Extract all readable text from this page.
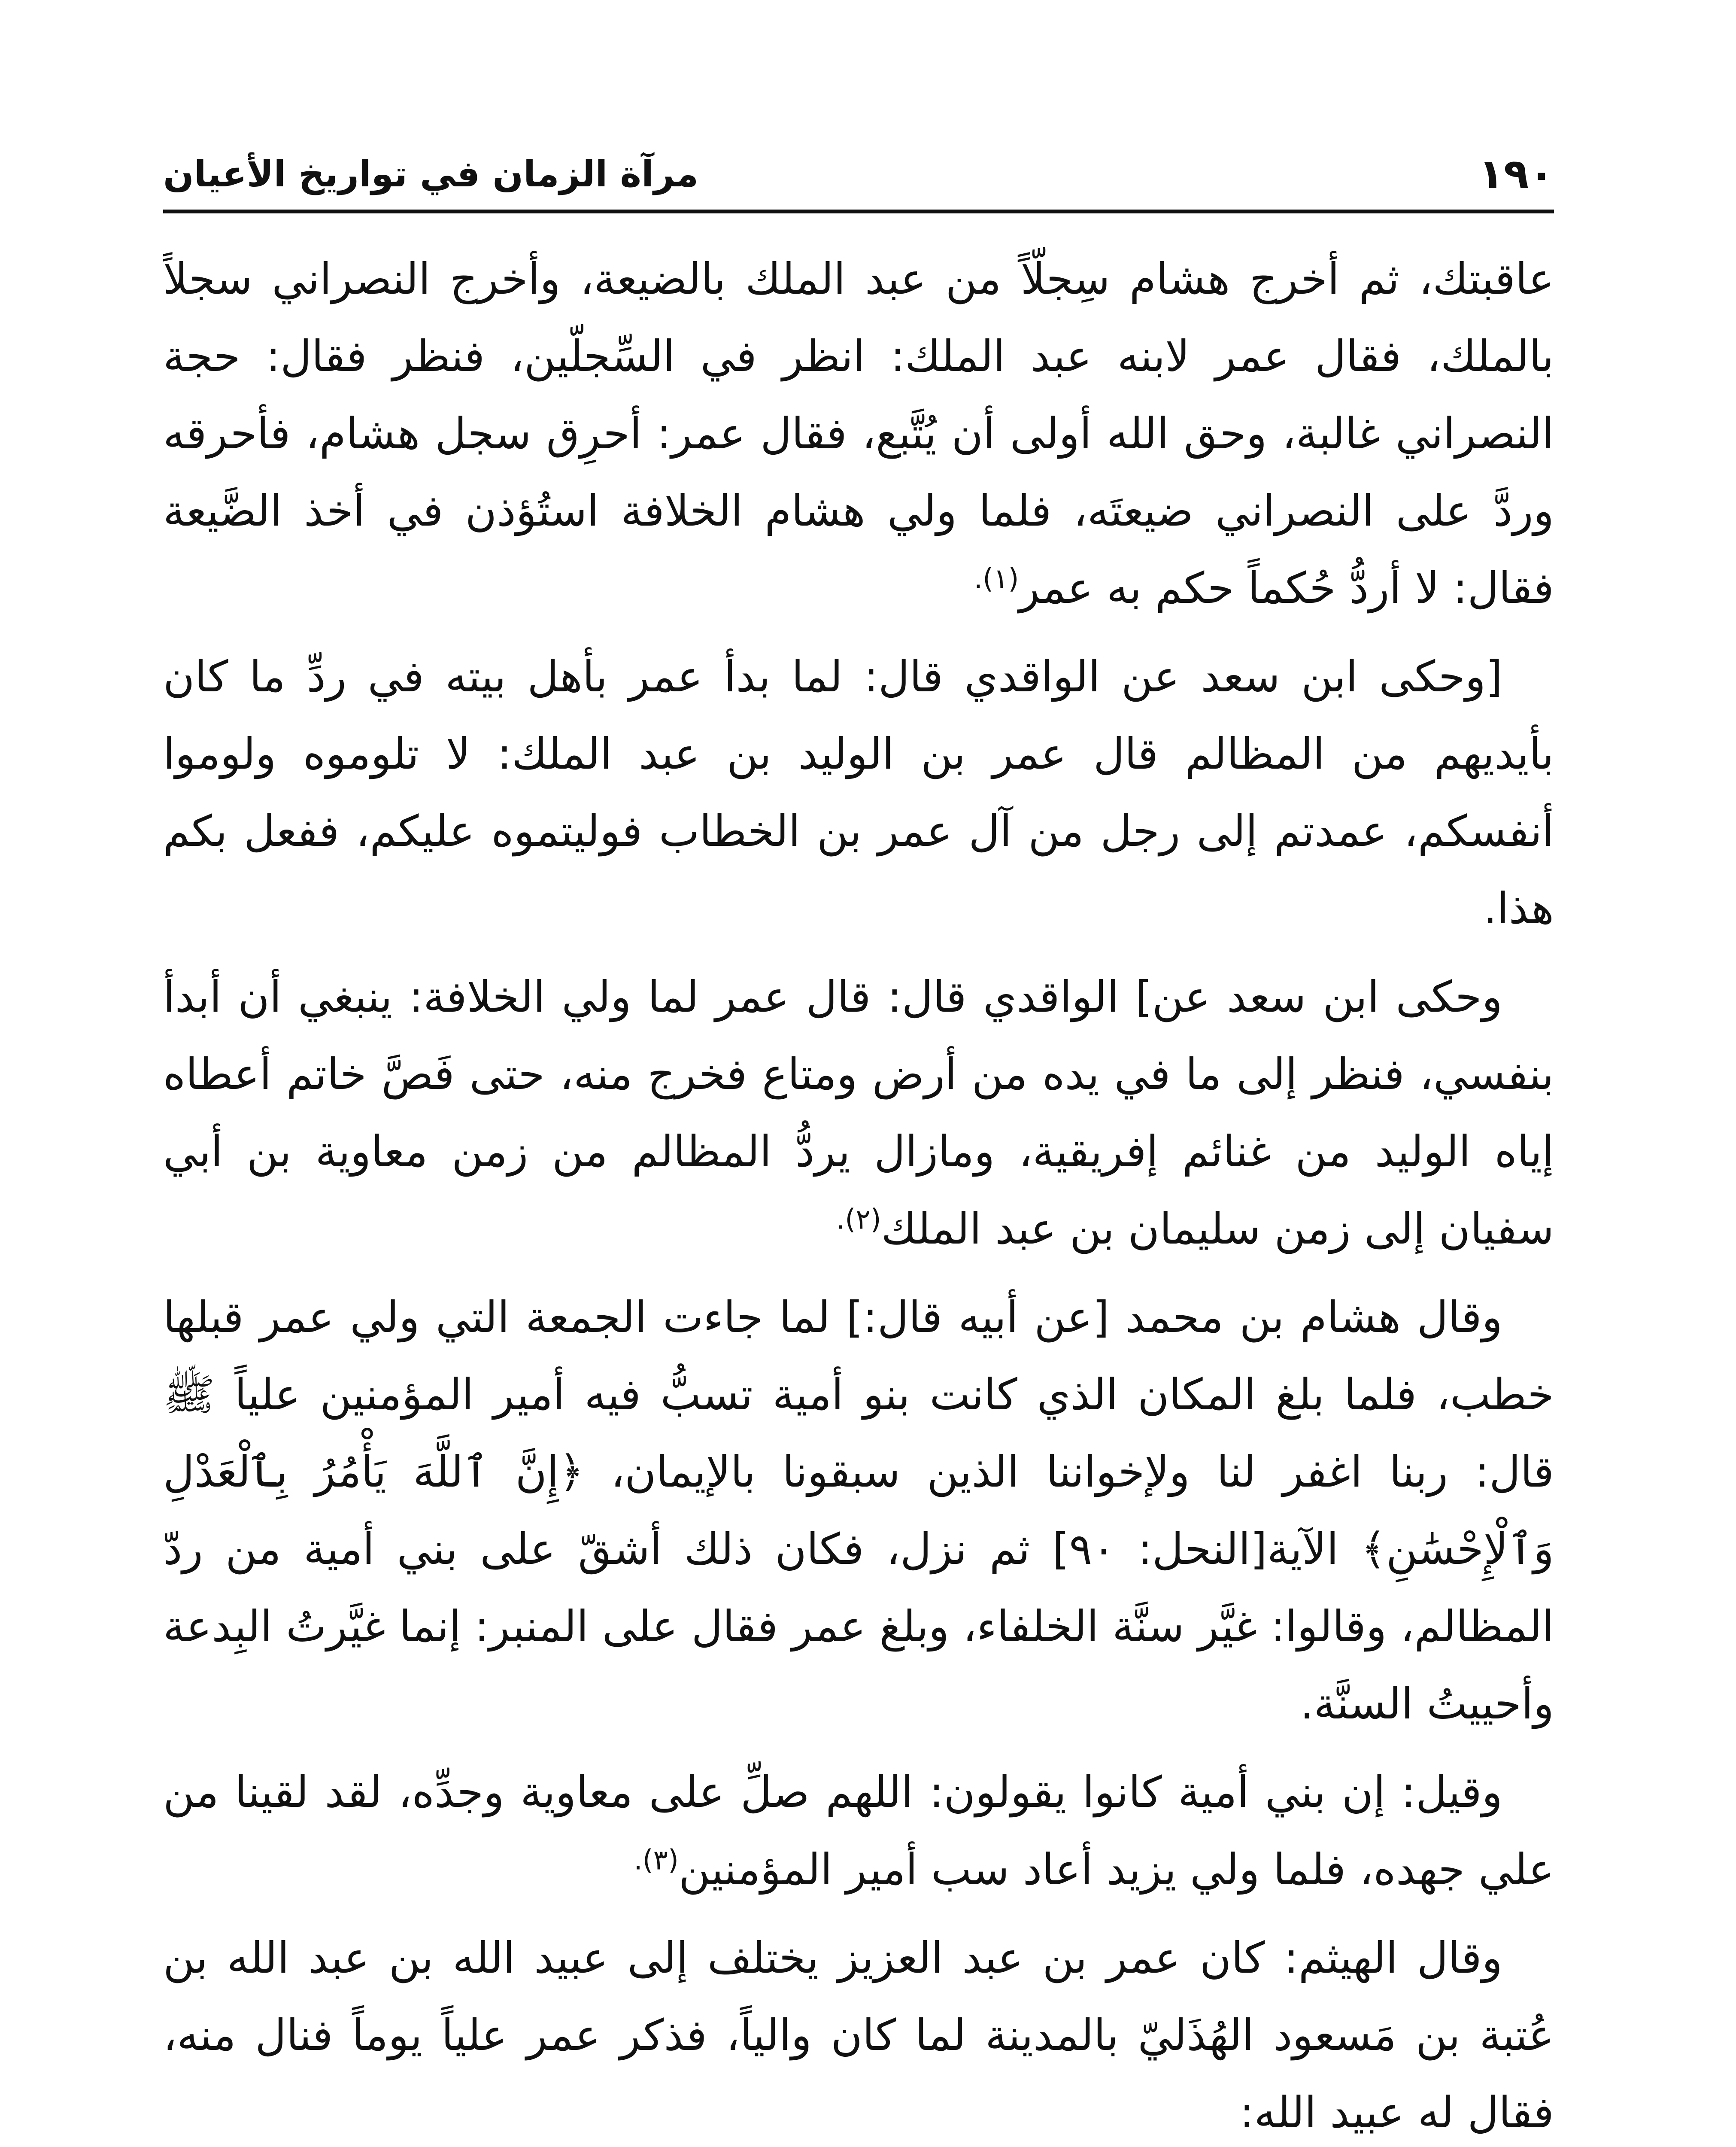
١٩٠
مرآة الزمان في تواريخ الأعيان

عاقبتك، ثم أخرج هشام سِجلّاً من عبد الملك بالضيعة، وأخرج النصراني سجلاً بالملك، فقال عمر لابنه عبد الملك: انظر في السِّجلّين، فنظر فقال: حجة النصراني غالبة، وحق الله أولى أن يُتَّبع، فقال عمر: أحرِق سجل هشام، فأحرقه وردَّ على النصراني ضيعتَه، فلما ولي هشام الخلافة استُؤذن في أخذ الضَّيعة فقال: لا أردُّ حُكماً حكم به عمر$^{(١).}$

[وحكى ابن سعد عن الواقدي قال: لما بدأ عمر بأهل بيته في ردِّ ما كان بأيديهم من المظالم قال عمر بن الوليد بن عبد الملك: لا تلوموه ولوموا أنفسكم، عمدتم إلى رجل من آل عمر بن الخطاب فوليتموه عليكم، ففعل بكم هذا.

وحكى ابن سعد عن] الواقدي قال: قال عمر لما ولي الخلافة: ينبغي أن أبدأ بنفسي، فنظر إلى ما في يده من أرض ومتاع فخرج منه، حتى فَصَّ خاتم أعطاه إياه الوليد من غنائم إفريقية، ومازال يردُّ المظالم من زمن معاوية بن أبي سفيان إلى زمن سليمان بن عبد الملك$^{(٢).}$

وقال هشام بن محمد [عن أبيه قال:] لما جاءت الجمعة التي ولي عمر قبلها خطب، فلما بلغ المكان الذي كانت بنو أمية تسبُّ فيه أمير المؤمنين علياً ﷺ قال: ربنا اغفر لنا ولإخواننا الذين سبقونا بالإيمان، ﴿إِنَّ ٱللَّهَ يَأْمُرُ بِٱلْعَدْلِ وَٱلْإِحْسَٰنِ﴾ الآية[النحل: ٩٠] ثم نزل، فكان ذلك أشقّ على بني أمية من ردّ المظالم، وقالوا: غيَّر سنَّة الخلفاء، وبلغ عمر فقال على المنبر: إنما غيَّرتُ البِدعة وأحييتُ السنَّة.

وقيل: إن بني أمية كانوا يقولون: اللهم صلِّ على معاوية وجدِّه، لقد لقينا من علي جهده، فلما ولي يزيد أعاد سب أمير المؤمنين$^{(٣).}$

وقال الهيثم: كان عمر بن عبد العزيز يختلف إلى عبيد الله بن عبد الله بن عُتبة بن مَسعود الهُذَليّ بالمدينة لما كان والياً، فذكر عمر علياً يوماً فنال منه، فقال له عبيد الله:
